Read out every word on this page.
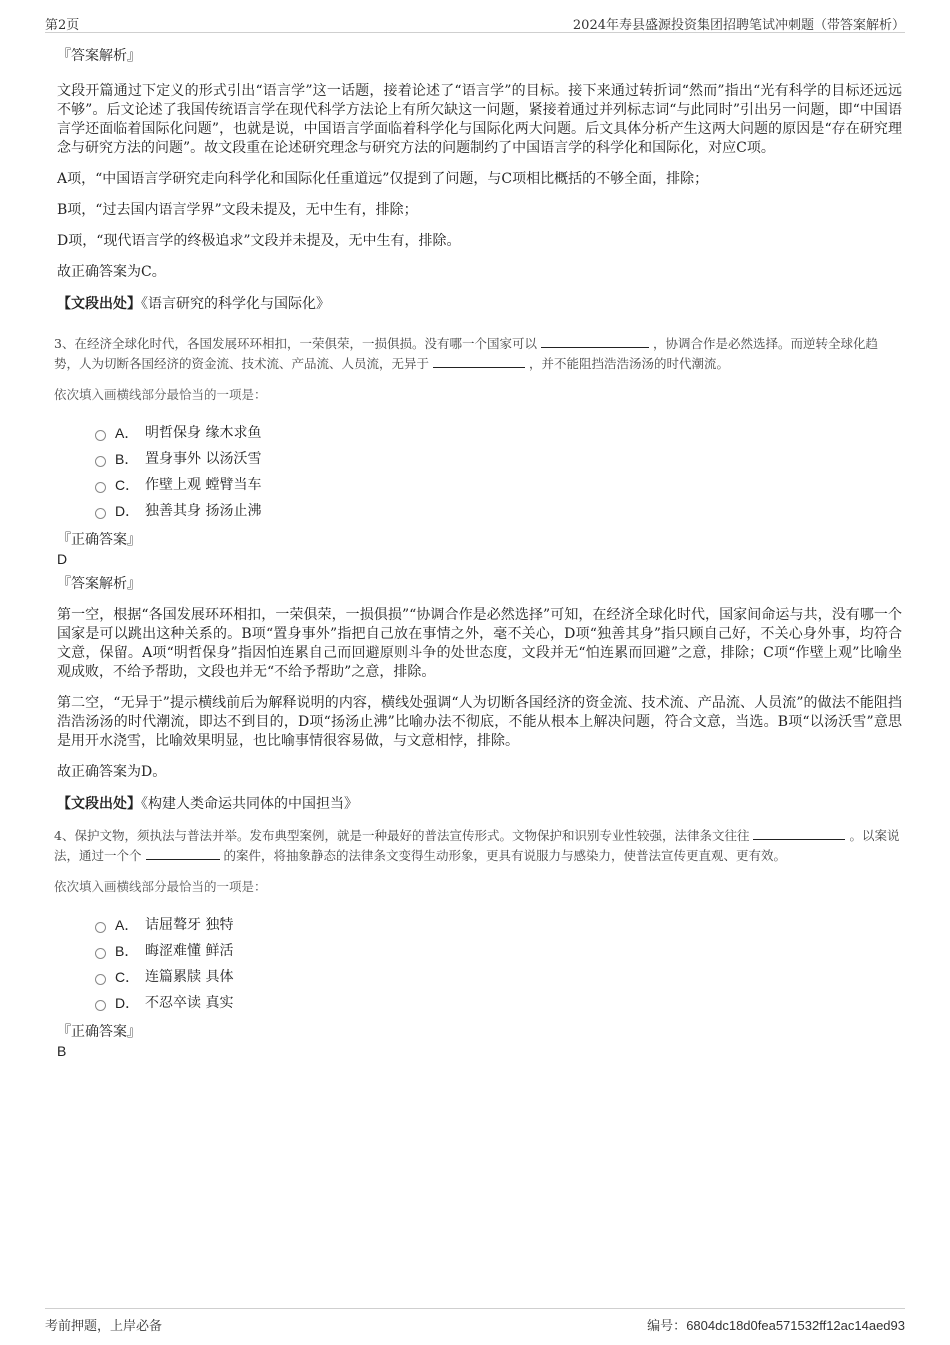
第2页	2024年寿县盛源投资集团招聘笔试冲刺题（带答案解析）
『答案解析』

文段开篇通过下定义的形式引出“语言学”这一话题，接着论述了“语言学”的目标。接下来通过转折词“然而”指出“光有科学的目标还远远不够”。后文论述了我国传统语言学在现代科学方法论上有所欠缺这一问题，紧接着通过并列标志词“与此同时”引出另一问题，即“中国语言学还面临着国际化问题”，也就是说，中国语言学面临着科学化与国际化两大问题。后文具体分析产生这两大问题的原因是“存在研究理念与研究方法的问题”。故文段重在论述研究理念与研究方法的问题制约了中国语言学的科学化和国际化，对应C项。

A项，“中国语言学研究走向科学化和国际化任重道远”仅提到了问题，与C项相比概括的不够全面，排除；

B项，“过去国内语言学界”文段未提及，无中生有，排除；

D项，“现代语言学的终极追求”文段并未提及，无中生有，排除。

故正确答案为C。

【文段出处】《语言研究的科学化与国际化》
3、在经济全球化时代，各国发展环环相扣，一荣俱荣，一损俱损。没有哪一个国家可以	，协调合作是必然选择。而逆转全球化趋势，人为切断各国经济的资金流、技术流、产品流、人员流，无异于	，并不能阻挡浩浩汤汤的时代潮流。
依次填入画横线部分最恰当的一项是：
A． 明哲保身 缘木求鱼
B． 置身事外 以汤沃雪
C． 作壁上观 螳臂当车
D． 独善其身 扬汤止沸
『正确答案』
D
『答案解析』

第一空，根据“各国发展环环相扣，一荣俱荣，一损俱损”“协调合作是必然选择”可知，在经济全球化时代，国家间命运与共，没有哪一个国家是可以跳出这种关系的。B项“置身事外”指把自己放在事情之外，毫不关心，D项“独善其身”指只顾自己好，不关心身外事，均符合文意，保留。A项“明哲保身”指因怕连累自己而回避原则斗争的处世态度，文段并无“怕连累而回避”之意，排除；C项“作壁上观”比喻坐观成败，不给予帮助，文段也并无“不给予帮助”之意，排除。

第二空，“无异于”提示横线前后为解释说明的内容，横线处强调“人为切断各国经济的资金流、技术流、产品流、人员流”的做法不能阻挡浩浩汤汤的时代潮流，即达不到目的，D项“扬汤止沸”比喻办法不彻底，不能从根本上解决问题，符合文意，当选。B项“以汤沃雪”意思是用开水浇雪，比喻效果明显，也比喻事情很容易做，与文意相悖，排除。

故正确答案为D。

【文段出处】《构建人类命运共同体的中国担当》
4、保护文物，须执法与普法并举。发布典型案例，就是一种最好的普法宣传形式。文物保护和识别专业性较强，法律条文往往	。以案说法，通过一个个	的案件，将抽象静态的法律条文变得生动形象，更具有说服力与感染力，使普法宣传更直观、更有效。
依次填入画横线部分最恰当的一项是：
A． 诘屈聱牙 独特
B． 晦涩难懂 鲜活
C． 连篇累牍 具体
D． 不忍卒读 真实
『正确答案』
B
考前押题，上岸必备	编号：6804dc18d0fea571532ff12ac14aed93
